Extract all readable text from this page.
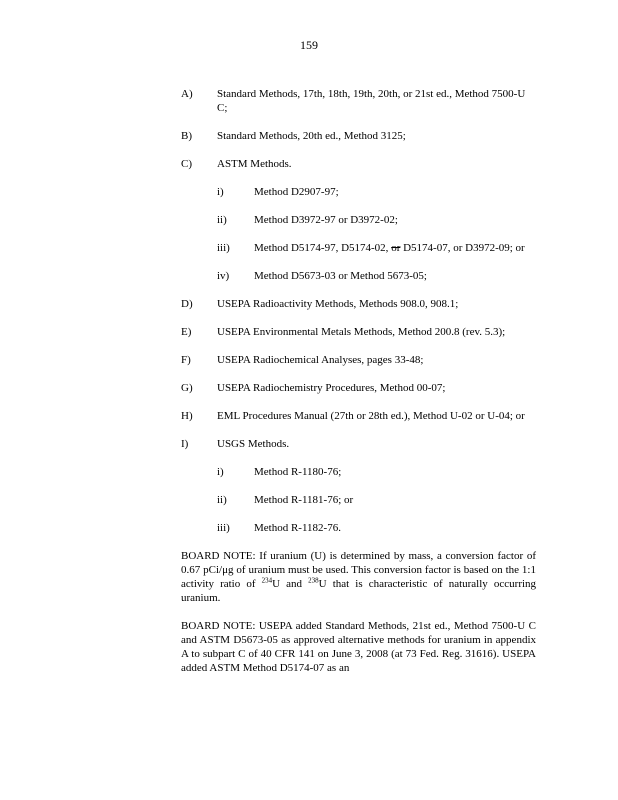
159
A)	Standard Methods, 17th, 18th, 19th, 20th, or 21st ed., Method 7500-U C;
B)	Standard Methods, 20th ed., Method 3125;
C)	ASTM Methods.
i)	Method D2907-97;
ii)	Method D3972-97 or D3972-02;
iii)	Method D5174-97, D5174-02, or D5174-07, or D3972-09; or
iv)	Method D5673-03 or Method 5673-05;
D)	USEPA Radioactivity Methods, Methods 908.0, 908.1;
E)	USEPA Environmental Metals Methods, Method 200.8 (rev. 5.3);
F)	USEPA Radiochemical Analyses, pages 33-48;
G)	USEPA Radiochemistry Procedures, Method 00-07;
H)	EML Procedures Manual (27th or 28th ed.), Method U-02 or U-04; or
I)	USGS Methods.
i)	Method R-1180-76;
ii)	Method R-1181-76; or
iii)	Method R-1182-76.
BOARD NOTE: If uranium (U) is determined by mass, a conversion factor of 0.67 pCi/μg of uranium must be used. This conversion factor is based on the 1:1 activity ratio of $^{234}$U and $^{238}$U that is characteristic of naturally occurring uranium.
BOARD NOTE: USEPA added Standard Methods, 21st ed., Method 7500-U C and ASTM D5673-05 as approved alternative methods for uranium in appendix A to subpart C of 40 CFR 141 on June 3, 2008 (at 73 Fed. Reg. 31616). USEPA added ASTM Method D5174-07 as an
